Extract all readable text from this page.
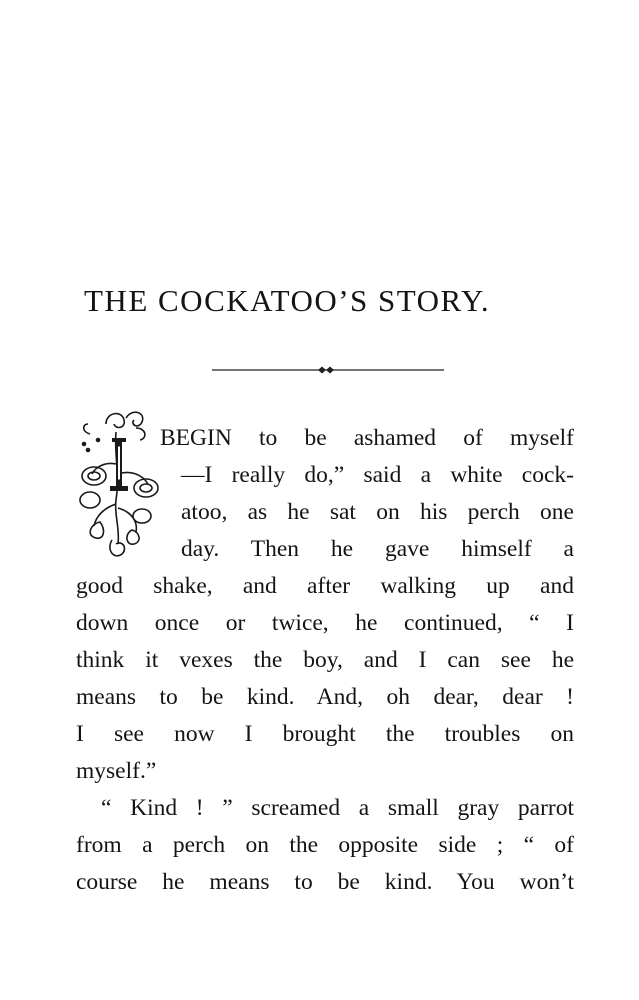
THE COCKATOO’S STORY.
I
BEGIN to be ashamed of myself
—I really do,” said a white cock-
atoo, as he sat on his perch one
day. Then he gave himself a
good shake, and after walking up and
down once or twice, he continued, “ I
think it vexes the boy, and I can see he
means to be kind. And, oh dear, dear !
I see now I brought the troubles on
myself.”
“ Kind ! ” screamed a small gray parrot
from a perch on the opposite side ; “ of
course he means to be kind. You won’t
